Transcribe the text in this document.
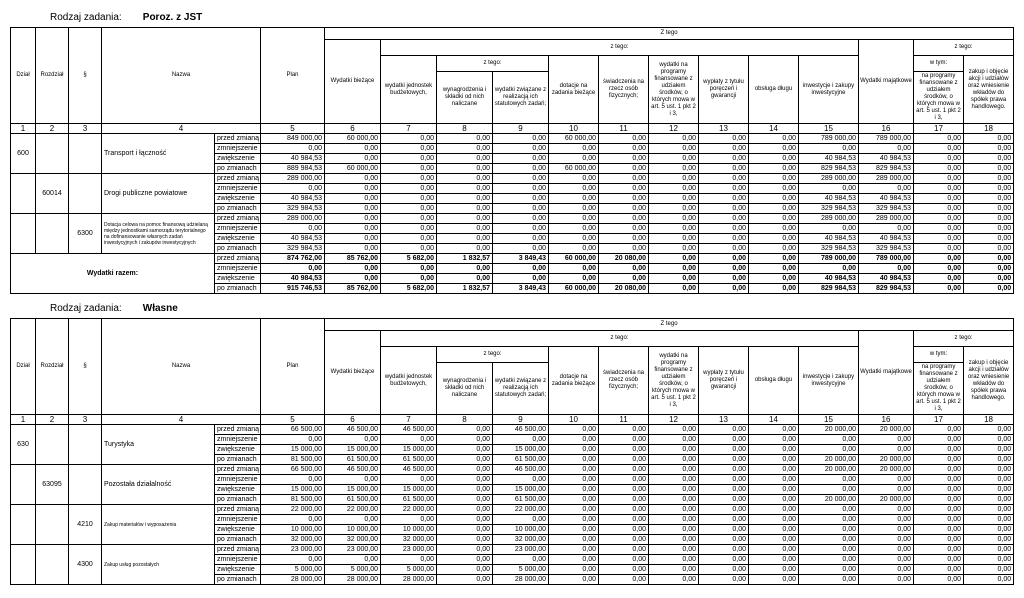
Rodzaj zadania: Poroz. z JST
Dział	Rozdział	§	Nazwa		Plan	Z tego												
						Wydatki bieżące	z tego:									Wydatki majątkowe	z tego:	
							wydatki jednostek budżetowych,	z tego:		dotacje na zadania bieżące	świadczenia na rzecz osób fizycznych;	wydatki na programy finansowane z udziałem środków, o których mowa w art. 5 ust. 1 pkt 2 i 3,	wypłaty z tytułu poręczeń i gwarancji	obsługa długu	inwestycje i zakupy inwestycyjne		w tym:	zakup i objęcie akcji i udziałów oraz wniesienie wkładów do spółek prawa handlowego.
								wynagrodzenia i składki od nich naliczane	wydatki związane z realizacją ich statutowych zadań;								na programy finansowane z udziałem środków, o których mowa w art. 5 ust. 1 pkt 2 i 3,	

1	2	3	4		5	6	7	8	9	10	11	12	13	14	15	16	17	18
600			Transport i łączność	przed zmianą	849 000,00	60 000,00	0,00	0,00	0,00	60 000,00	0,00	0,00	0,00	0,00	789 000,00	789 000,00	0,00	0,00
				zmniejszenie	0,00	0,00	0,00	0,00	0,00	0,00	0,00	0,00	0,00	0,00	0,00	0,00	0,00	0,00
				zwiększenie	40 984,53	0,00	0,00	0,00	0,00	0,00	0,00	0,00	0,00	0,00	40 984,53	40 984,53	0,00	0,00
				po zmianach	889 984,53	60 000,00	0,00	0,00	0,00	60 000,00	0,00	0,00	0,00	0,00	829 984,53	829 984,53	0,00	0,00
	60014		Drogi publiczne powiatowe	przed zmianą	289 000,00	0,00	0,00	0,00	0,00	0,00	0,00	0,00	0,00	0,00	289 000,00	289 000,00	0,00	0,00
				zmniejszenie	0,00	0,00	0,00	0,00	0,00	0,00	0,00	0,00	0,00	0,00	0,00	0,00	0,00	0,00
				zwiększenie	40 984,53	0,00	0,00	0,00	0,00	0,00	0,00	0,00	0,00	0,00	40 984,53	40 984,53	0,00	0,00
				po zmianach	329 984,53	0,00	0,00	0,00	0,00	0,00	0,00	0,00	0,00	0,00	329 984,53	329 984,53	0,00	0,00
		6300	Dotacja celowa na pomoc finansową udzielaną między jednostkami samorządu terytorialnego na dofinansowanie własnych zadań inwestycyjnych i zakupów inwestycyjnych	przed zmianą	289 000,00	0,00	0,00	0,00	0,00	0,00	0,00	0,00	0,00	0,00	289 000,00	289 000,00	0,00	0,00
				zmniejszenie	0,00	0,00	0,00	0,00	0,00	0,00	0,00	0,00	0,00	0,00	0,00	0,00	0,00	0,00
				zwiększenie	40 984,53	0,00	0,00	0,00	0,00	0,00	0,00	0,00	0,00	0,00	40 984,53	40 984,53	0,00	0,00
				po zmianach	329 984,53	0,00	0,00	0,00	0,00	0,00	0,00	0,00	0,00	0,00	329 984,53	329 984,53	0,00	0,00
Wydatki razem:				przed zmianą	874 762,00	85 762,00	5 682,00	1 832,57	3 849,43	60 000,00	20 080,00	0,00	0,00	0,00	789 000,00	789 000,00	0,00	0,00
				zmniejszenie	0,00	0,00	0,00	0,00	0,00	0,00	0,00	0,00	0,00	0,00	0,00	0,00	0,00	0,00
				zwiększenie	40 984,53	0,00	0,00	0,00	0,00	0,00	0,00	0,00	0,00	0,00	40 984,53	40 984,53	0,00	0,00
				po zmianach	915 746,53	85 762,00	5 682,00	1 832,57	3 849,43	60 000,00	20 080,00	0,00	0,00	0,00	829 984,53	829 984,53	0,00	0,00
Rodzaj zadania: Własne
Dział	Rozdział	§	Nazwa		Plan	Z tego												
						Wydatki bieżące	z tego:									Wydatki majątkowe	z tego:	
							wydatki jednostek budżetowych,	z tego:		dotacje na zadania bieżące	świadczenia na rzecz osób fizycznych;	wydatki na programy finansowane z udziałem środków, o których mowa w art. 5 ust. 1 pkt 2 i 3,	wypłaty z tytułu poręczeń i gwarancji	obsługa długu	inwestycje i zakupy inwestycyjne		w tym:	zakup i objęcie akcji i udziałów oraz wniesienie wkładów do spółek prawa handlowego.
								wynagrodzenia i składki od nich naliczane	wydatki związane z realizacją ich statutowych zadań;								na programy finansowane z udziałem środków, o których mowa w art. 5 ust. 1 pkt 2 i 3,	

1	2	3	4		5	6	7	8	9	10	11	12	13	14	15	16	17	18
630			Turystyka	przed zmianą	66 500,00	46 500,00	46 500,00	0,00	46 500,00	0,00	0,00	0,00	0,00	0,00	20 000,00	20 000,00	0,00	0,00
				zmniejszenie	0,00	0,00	0,00	0,00	0,00	0,00	0,00	0,00	0,00	0,00	0,00	0,00	0,00	0,00
				zwiększenie	15 000,00	15 000,00	15 000,00	0,00	15 000,00	0,00	0,00	0,00	0,00	0,00	0,00	0,00	0,00	0,00
				po zmianach	81 500,00	61 500,00	61 500,00	0,00	61 500,00	0,00	0,00	0,00	0,00	0,00	20 000,00	20 000,00	0,00	0,00
	63095		Pozostała działalność	przed zmianą	66 500,00	46 500,00	46 500,00	0,00	46 500,00	0,00	0,00	0,00	0,00	0,00	20 000,00	20 000,00	0,00	0,00
				zmniejszenie	0,00	0,00	0,00	0,00	0,00	0,00	0,00	0,00	0,00	0,00	0,00	0,00	0,00	0,00
				zwiększenie	15 000,00	15 000,00	15 000,00	0,00	15 000,00	0,00	0,00	0,00	0,00	0,00	0,00	0,00	0,00	0,00
				po zmianach	81 500,00	61 500,00	61 500,00	0,00	61 500,00	0,00	0,00	0,00	0,00	0,00	20 000,00	20 000,00	0,00	0,00
		4210	Zakup materiałów i wyposażenia	przed zmianą	22 000,00	22 000,00	22 000,00	0,00	22 000,00	0,00	0,00	0,00	0,00	0,00	0,00	0,00	0,00	0,00
				zmniejszenie	0,00	0,00	0,00	0,00	0,00	0,00	0,00	0,00	0,00	0,00	0,00	0,00	0,00	0,00
				zwiększenie	10 000,00	10 000,00	10 000,00	0,00	10 000,00	0,00	0,00	0,00	0,00	0,00	0,00	0,00	0,00	0,00
				po zmianach	32 000,00	32 000,00	32 000,00	0,00	32 000,00	0,00	0,00	0,00	0,00	0,00	0,00	0,00	0,00	0,00
		4300	Zakup usług pozostałych	przed zmianą	23 000,00	23 000,00	23 000,00	0,00	23 000,00	0,00	0,00	0,00	0,00	0,00	0,00	0,00	0,00	0,00
				zmniejszenie	0,00	0,00	0,00	0,00	0,00	0,00	0,00	0,00	0,00	0,00	0,00	0,00	0,00	0,00
				zwiększenie	5 000,00	5 000,00	5 000,00	0,00	5 000,00	0,00	0,00	0,00	0,00	0,00	0,00	0,00	0,00	0,00
				po zmianach	28 000,00	28 000,00	28 000,00	0,00	28 000,00	0,00	0,00	0,00	0,00	0,00	0,00	0,00	0,00	0,00
